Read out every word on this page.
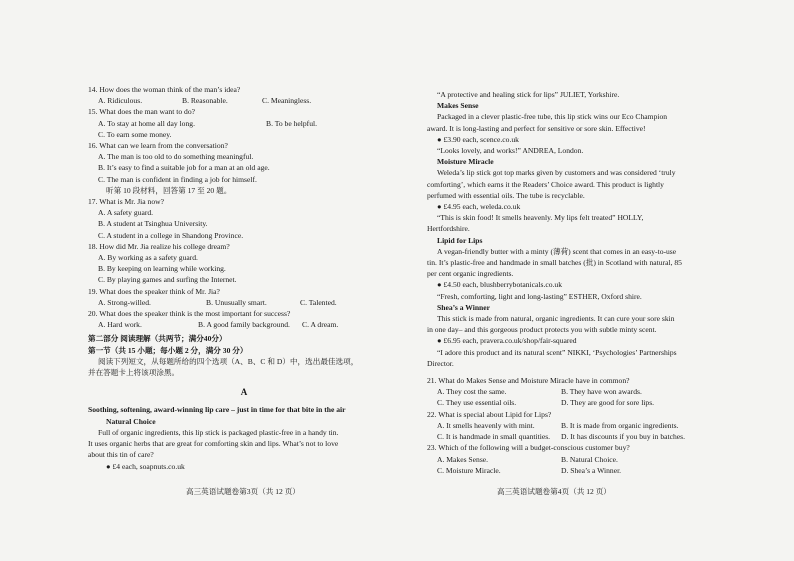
14. How does the woman think of the man’s idea?
A. Ridiculous.	B. Reasonable.	C. Meaningless.
15. What does the man want to do?
A. To stay at home all day long.	B. To be helpful.
C. To earn some money.
16. What can we learn from the conversation?
A. The man is too old to do something meaningful.
B. It’s easy to find a suitable job for a man at an old age.
C. The man is confident in finding a job for himself.
听第 10 段材料，回答第 17 至 20 题。
17. What is Mr. Jia now?
A. A safety guard.
B. A student at Tsinghua University.
C. A student in a college in Shandong Province.
18. How did Mr. Jia realize his college dream?
A. By working as a safety guard.
B. By keeping on learning while working.
C. By playing games and surfing the Internet.
19. What does the speaker think of Mr. Jia?
A. Strong-willed.	B. Unusually smart.	C. Talented.
20. What does the speaker think is the most important for success?
A. Hard work.	B. A good family background.	C. A dream.
第二部分 阅读理解（共两节；满分40分）
第一节（共 15 小题；每小题 2 分，满分 30 分）
阅读下列短文，从每题所给的四个选项（A、B、C 和 D）中，选出最佳选项，
并在答题卡上将该项涂黑。
A
Soothing, softening, award-winning lip care – just in time for that bite in the air
Natural Choice
Full of organic ingredients, this lip stick is packaged plastic-free in a handy tin.
It uses organic herbs that are great for comforting skin and lips. What’s not to love
about this tin of care?
● £4 each, soapnuts.co.uk
高三英语试题卷第3页（共 12 页）
“A protective and healing stick for lips” JULIET, Yorkshire.
Makes Sense
Packaged in a clever plastic-free tube, this lip stick wins our Eco Champion
award. It is long-lasting and perfect for sensitive or sore skin. Effective!
● £3.90 each, scence.co.uk
“Looks lovely, and works!” ANDREA, London.
Moisture Miracle
Weleda’s lip stick got top marks given by customers and was considered ‘truly
comforting’, which earns it the Readers’ Choice award. This product is lightly
perfumed with essential oils. The tube is recyclable.
● £4.95 each, weleda.co.uk
“This is skin food! It smells heavenly. My lips felt treated” HOLLY,
Hertfordshire.
Lipid for Lips
A vegan-friendly butter with a minty (薄荷) scent that comes in an easy-to-use
tin. It’s plastic-free and handmade in small batches (批) in Scotland with natural, 85
per cent organic ingredients.
● £4.50 each, blushberrybotanicals.co.uk
“Fresh, comforting, light and long-lasting” ESTHER, Oxford shire.
Shea’s a Winner
This stick is made from natural, organic ingredients. It can cure your sore skin
in one day– and this gorgeous product protects you with subtle minty scent.
● £6.95 each, pravera.co.uk/shop/fair-squared
“I adore this product and its natural scent” NIKKI, ‘Psychologies’ Partnerships
Director.
21. What do Makes Sense and Moisture Miracle have in common?
A. They cost the same.	B. They have won awards.
C. They use essential oils.	D. They are good for sore lips.
22. What is special about Lipid for Lips?
A. It smells heavenly with mint.	B. It is made from organic ingredients.
C. It is handmade in small quantities.	D. It has discounts if you buy in batches.
23. Which of the following will a budget-conscious customer buy?
A. Makes Sense.	B. Natural Choice.
C. Moisture Miracle.	D. Shea’s a Winner.
高三英语试题卷第4页（共 12 页）
